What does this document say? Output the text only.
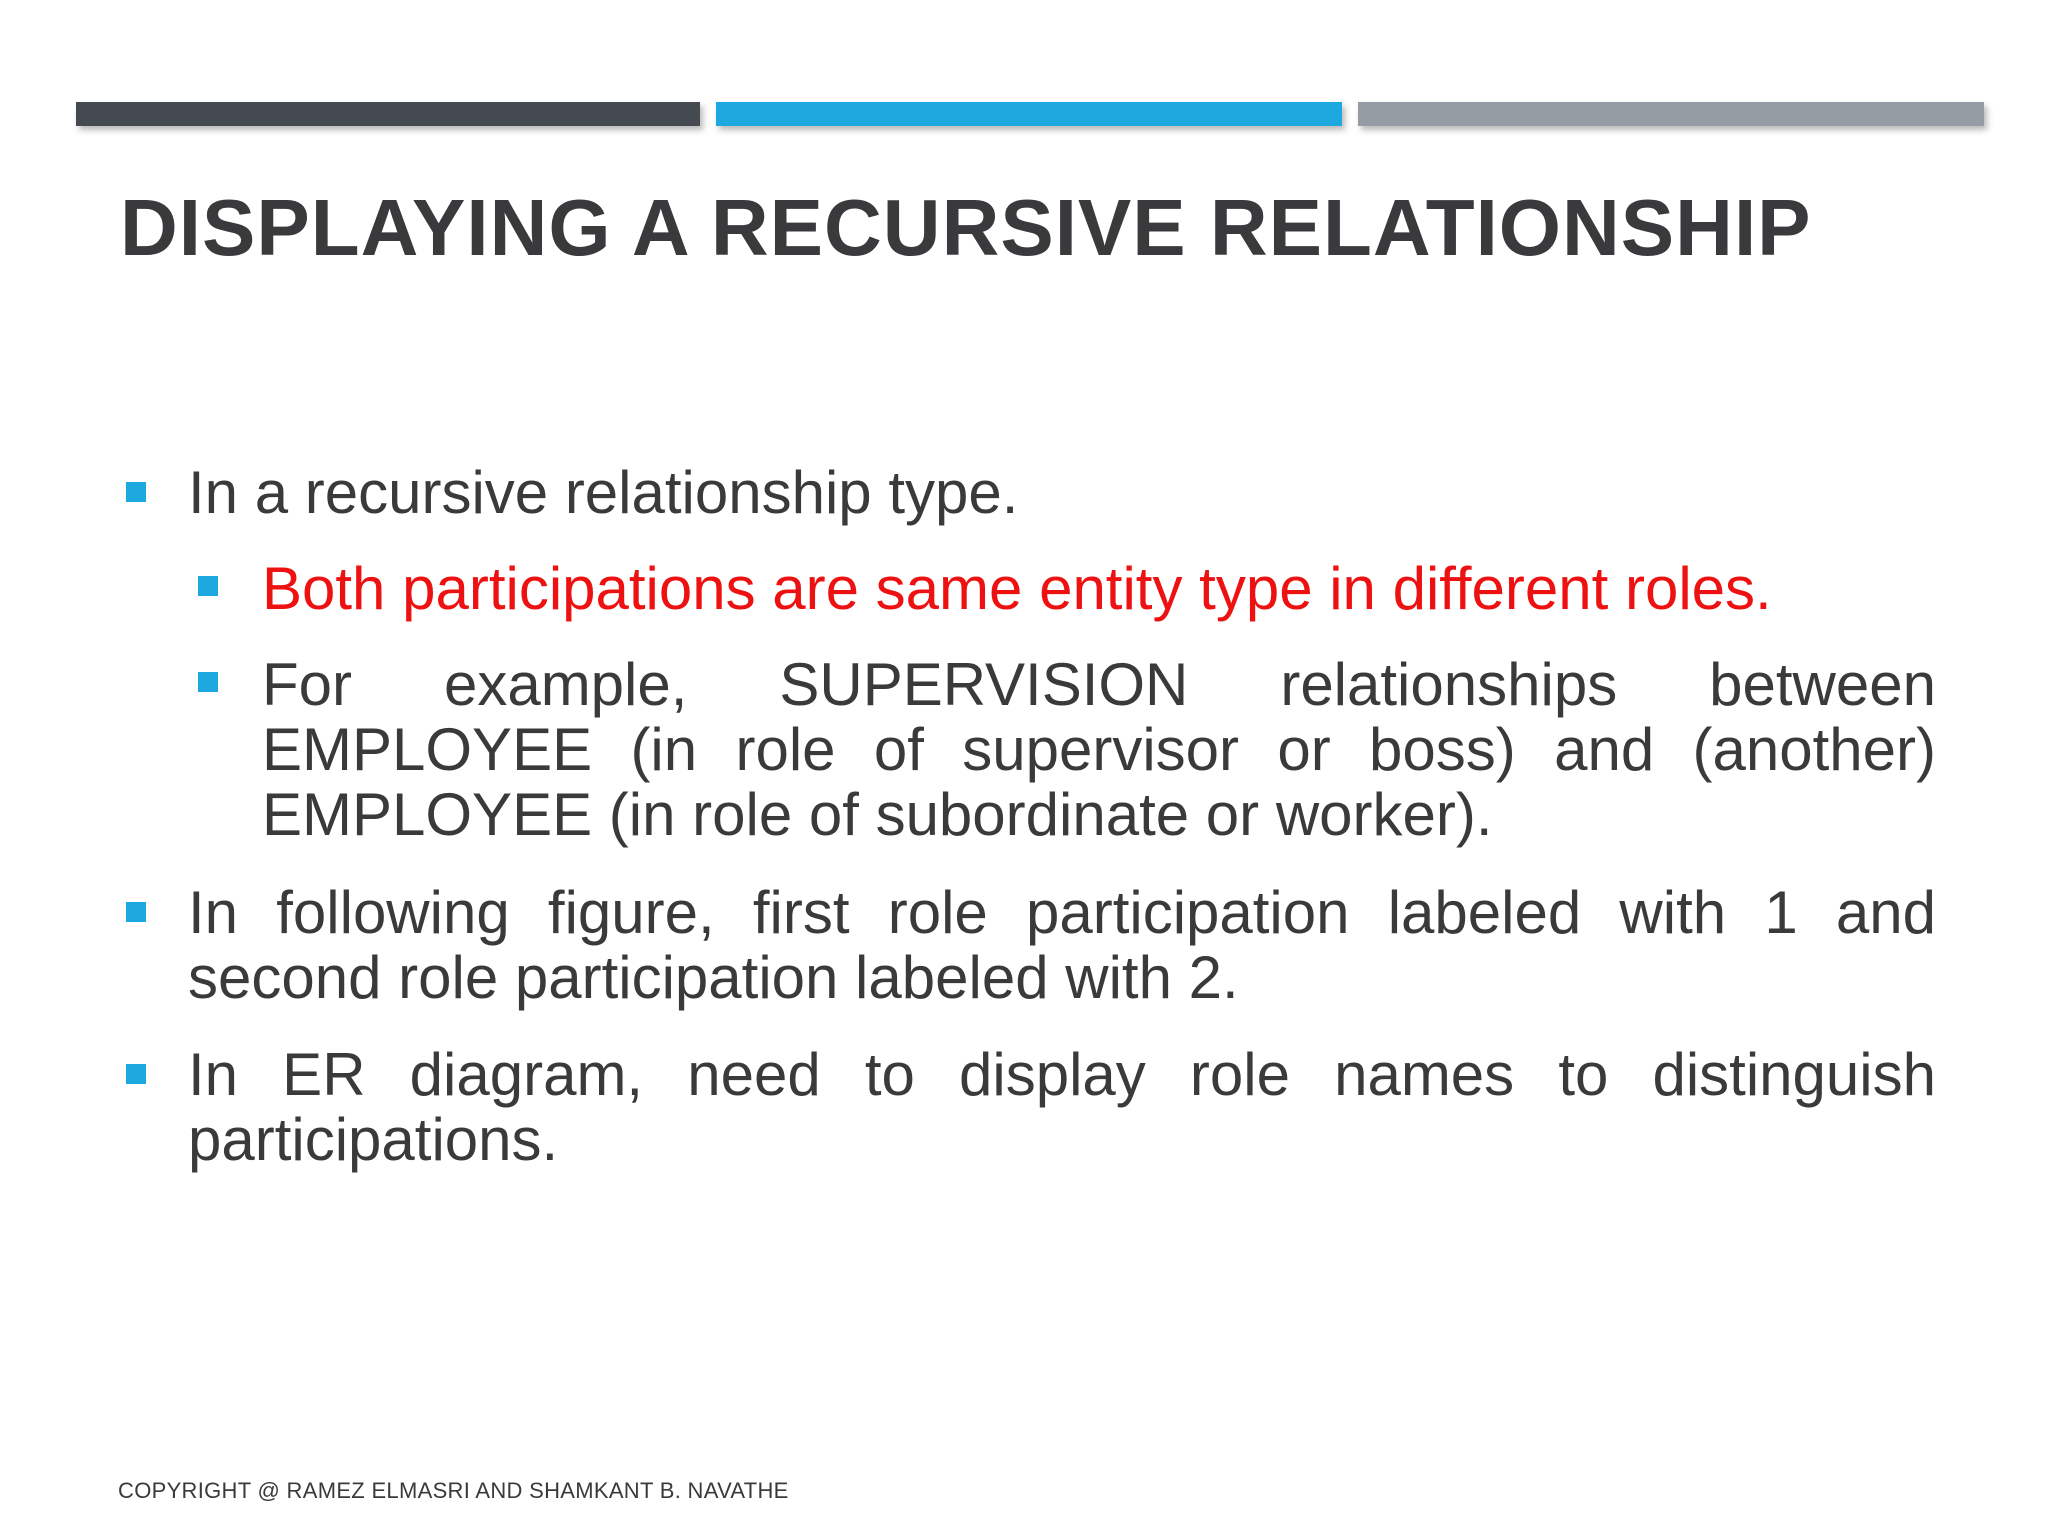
DISPLAYING A RECURSIVE RELATIONSHIP
In a recursive relationship type.
Both participations are same entity type in different roles.
For example, SUPERVISION relationships between EMPLOYEE (in role of supervisor or boss) and (another) EMPLOYEE (in role of subordinate or worker).
In following figure, first role participation labeled with 1 and second role participation labeled with 2.
In ER diagram, need to display role names to distinguish participations.
COPYRIGHT @ RAMEZ ELMASRI AND SHAMKANT B. NAVATHE
